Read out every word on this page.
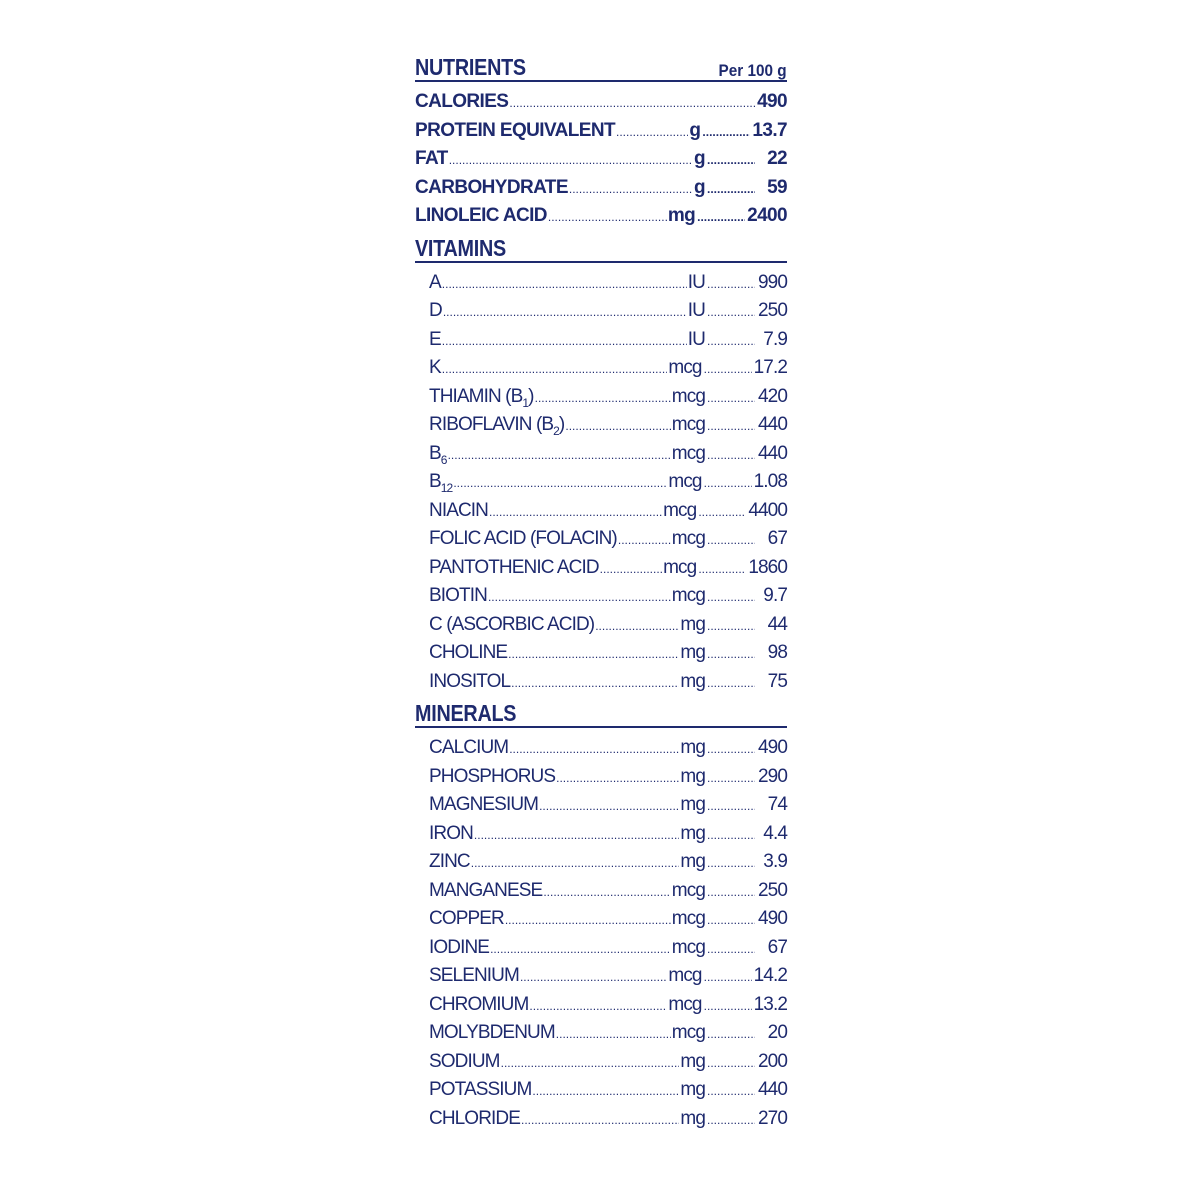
NUTRIENTS	Per 100 g
CALORIES .....	490
PROTEIN EQUIVALENT .....	g .....	13.7
FAT .....	g .....	22
CARBOHYDRATE .....	g .....	59
LINOLEIC ACID .....	mg .....	2400
VITAMINS
A .....	IU .....	990
D .....	IU .....	250
E .....	IU .....	7.9
K .....	mcg .....	17.2
THIAMIN $(B_1)$ .....	mcg .....	420
RIBOFLAVIN $(B_2)$ .....	mcg .....	440
$B_6$ .....	mcg .....	440
$B_{12}$ .....	mcg .....	1.08
NIACIN .....	mcg .....	4400
FOLIC ACID (FOLACIN) .....	mcg .....	67
PANTOTHENIC ACID .....	mcg .....	1860
BIOTIN .....	mcg .....	9.7
C (ASCORBIC ACID) .....	mg .....	44
CHOLINE .....	mg .....	98
INOSITOL .....	mg .....	75
MINERALS
CALCIUM .....	mg .....	490
PHOSPHORUS .....	mg .....	290
MAGNESIUM .....	mg .....	74
IRON .....	mg .....	4.4
ZINC .....	mg .....	3.9
MANGANESE .....	mcg .....	250
COPPER .....	mcg .....	490
IODINE .....	mcg .....	67
SELENIUM .....	mcg .....	14.2
CHROMIUM .....	mcg .....	13.2
MOLYBDENUM .....	mcg .....	20
SODIUM .....	mg .....	200
POTASSIUM .....	mg .....	440
CHLORIDE .....	mg .....	270
